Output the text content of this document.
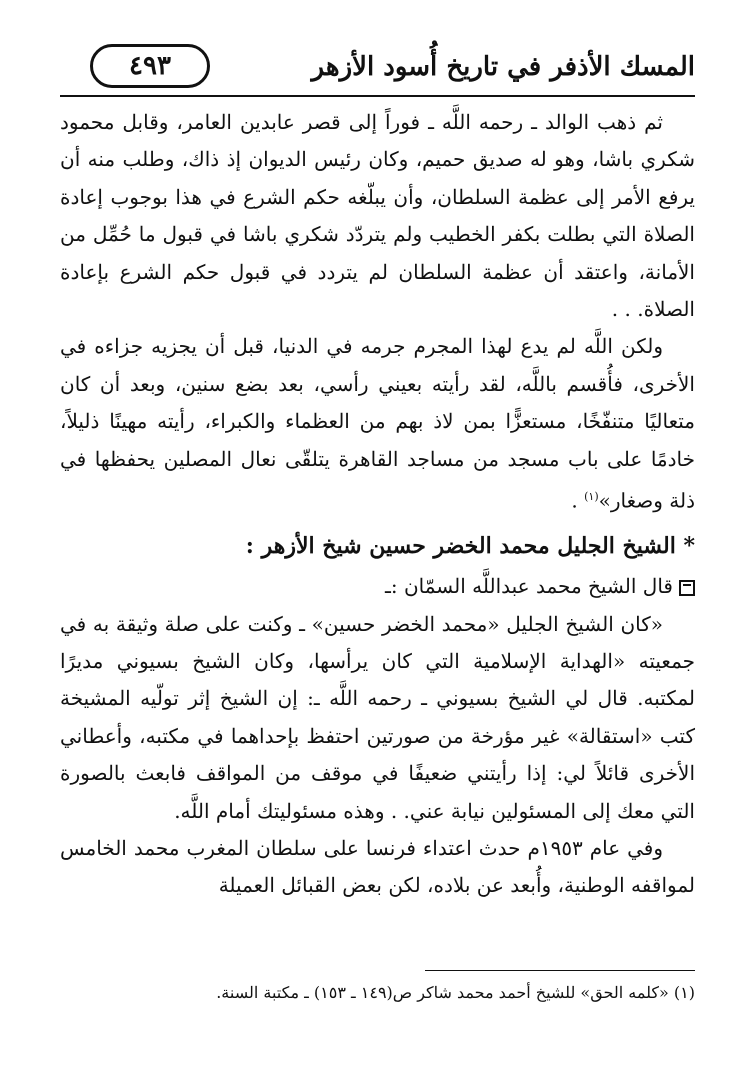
المسك الأذفر في تاريخ أُسود الأزهر
٤٩٣

ثم ذهب الوالد ـ رحمه اللَّه ـ فوراً إلى قصر عابدين العامر، وقابل محمود شكري باشا، وهو له صديق حميم، وكان رئيس الديوان إذ ذاك، وطلب منه أن يرفع الأمر إلى عظمة السلطان، وأن يبلّغه حكم الشرع في هذا بوجوب إعادة الصلاة التي بطلت بكفر الخطيب ولم يتردّد شكري باشا في قبول ما حُمِّل من الأمانة، واعتقد أن عظمة السلطان لم يتردد في قبول حكم الشرع بإعادة الصلاة. . .

ولكن اللَّه لم يدع لهذا المجرم جرمه في الدنيا، قبل أن يجزيه جزاءه في الأخرى، فأُقسم باللَّه، لقد رأيته بعيني رأسي، بعد بضع سنين، وبعد أن كان متعاليًا متنفّخًا، مستعزًّا بمن لاذ بهم من العظماء والكبراء، رأيته مهينًا ذليلاً، خادمًا على باب مسجد من مساجد القاهرة يتلقّى نعال المصلين يحفظها في ذلة وصغار»$^{(١)}$ .

* الشيخ الجليل محمد الخضر حسين شيخ الأزهر :

قال الشيخ محمد عبداللَّه السمّان :ـ

«كان الشيخ الجليل «محمد الخضر حسين» ـ وكنت على صلة وثيقة به في جمعيته «الهداية الإسلامية التي كان يرأسها، وكان الشيخ بسيوني مديرًا لمكتبه. قال لي الشيخ بسيوني ـ رحمه اللَّه ـ: إن الشيخ إثر تولّيه المشيخة كتب «استقالة» غير مؤرخة من صورتين احتفظ بإحداهما في مكتبه، وأعطاني الأخرى قائلاً لي: إذا رأيتني ضعيفًا في موقف من المواقف فابعث بالصورة التي معك إلى المسئولين نيابة عني. . وهذه مسئوليتك أمام اللَّه.

وفي عام ١٩٥٣م حدث اعتداء فرنسا على سلطان المغرب محمد الخامس لمواقفه الوطنية، وأُبعد عن بلاده، لكن بعض القبائل العميلة

(١) «كلمه الحق» للشيخ أحمد محمد شاكر ص(١٤٩ ـ ١٥٣) ـ مكتبة السنة.
